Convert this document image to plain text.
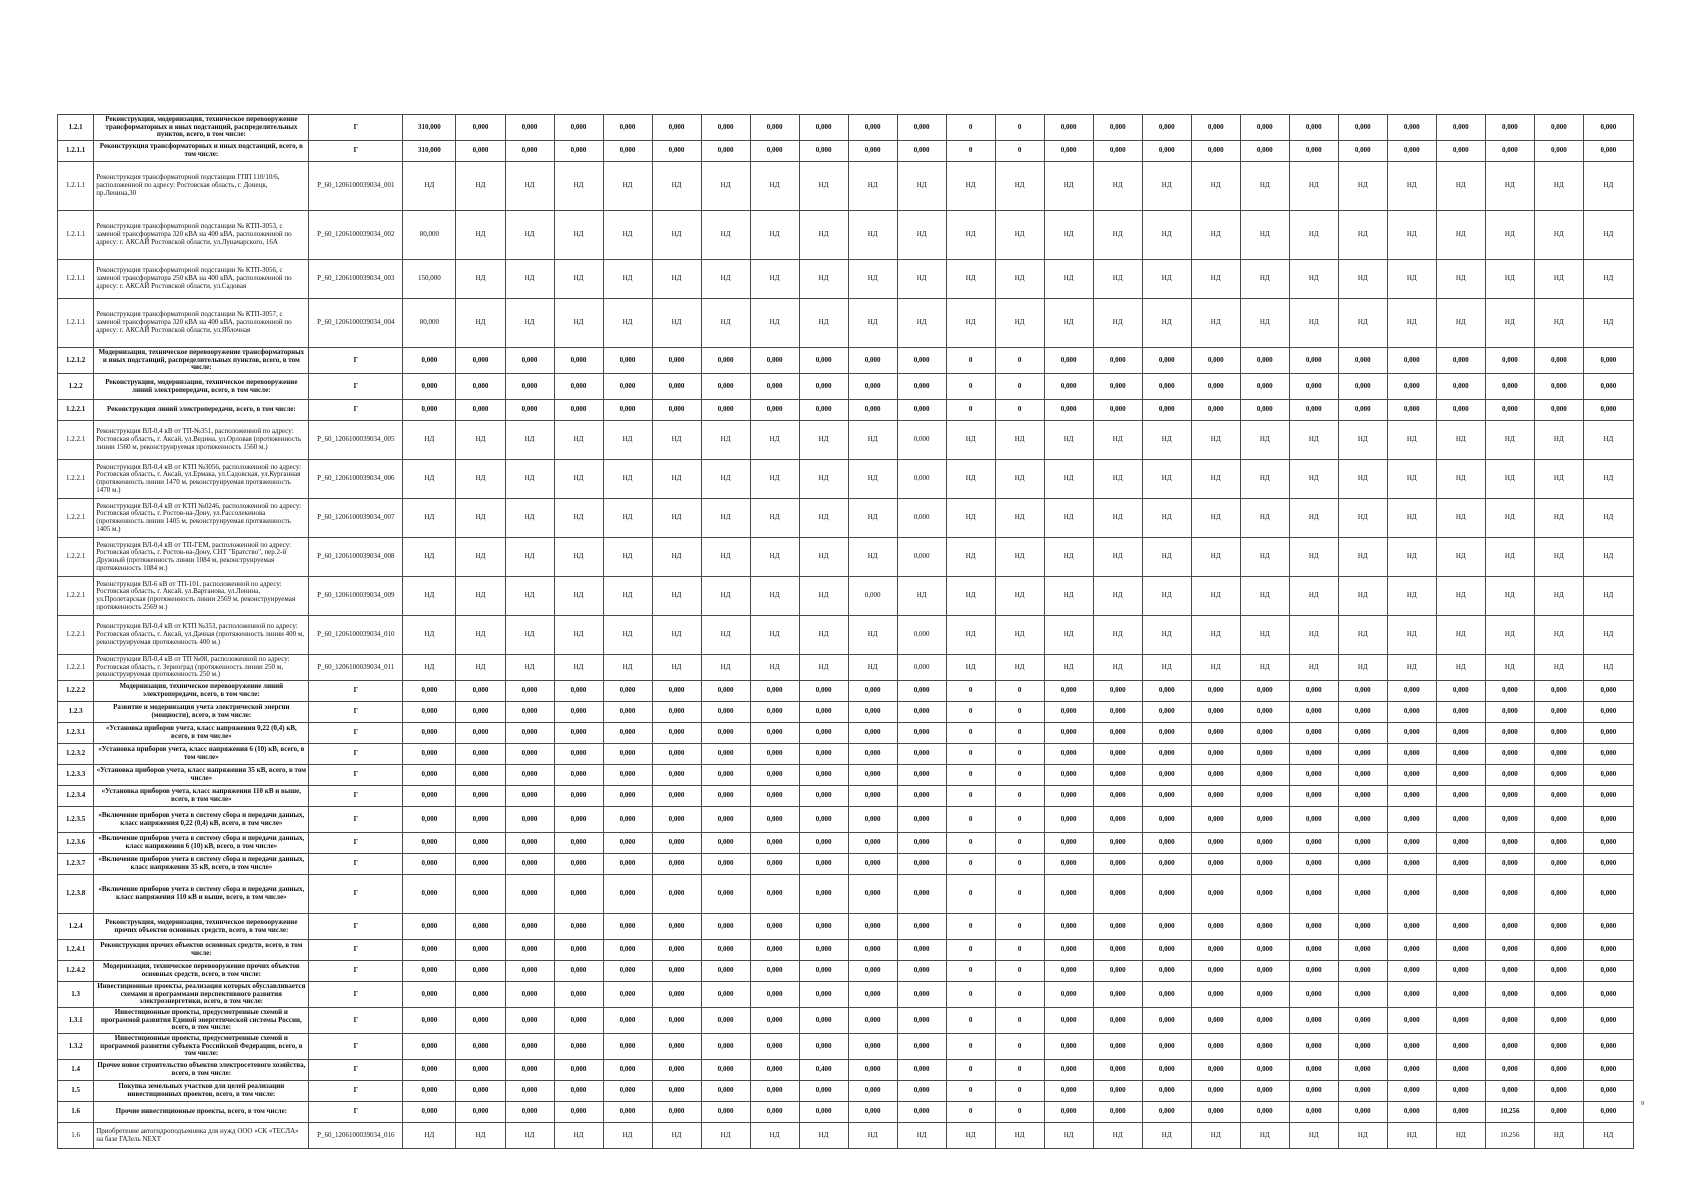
1.2.1	Реконструкция, модернизация, техническое перевооружение трансформаторных и иных подстанций, распределительных пунктов, всего, в том числе:	Г	310,000	0,000	0,000	0,000	0,000	0,000	0,000	0,000	0,000	0,000	0,000	0	0	0,000	0,000	0,000	0,000	0,000	0,000	0,000	0,000	0,000	0,000	0,000	0,000
1.2.1.1	Реконструкция трансформаторных и иных подстанций, всего, в том числе:	Г	310,000	0,000	0,000	0,000	0,000	0,000	0,000	0,000	0,000	0,000	0,000	0	0	0,000	0,000	0,000	0,000	0,000	0,000	0,000	0,000	0,000	0,000	0,000	0,000
1.2.1.1	Реконструкция трансформаторной подстанции ГПП 110/10/6, расположенной по адресу: Ростовская область, г. Донецк, пр.Ленина,30	P_60_1206100039034_001	НД	НД	НД	НД	НД	НД	НД	НД	НД	НД	НД	НД	НД	НД	НД	НД	НД	НД	НД	НД	НД	НД	НД	НД	НД
1.2.1.1	Реконструкция трансформаторной подстанции № КТП-3053, с заменой трансформатора 320 кВА на 400 кВА, расположенной по адресу: г. АКСАЙ Ростовской области, ул.Луначарского, 16А	P_60_1206100039034_002	80,000	НД	НД	НД	НД	НД	НД	НД	НД	НД	НД	НД	НД	НД	НД	НД	НД	НД	НД	НД	НД	НД	НД	НД	НД
1.2.1.1	Реконструкция трансформаторной подстанции № КТП-3056, с заменой трансформатора 250 кВА на 400 кВА, расположенной по адресу: г. АКСАЙ Ростовской области, ул.Садовая	P_60_1206100039034_003	150,000	НД	НД	НД	НД	НД	НД	НД	НД	НД	НД	НД	НД	НД	НД	НД	НД	НД	НД	НД	НД	НД	НД	НД	НД
1.2.1.1	Реконструкция трансформаторной подстанции № КТП-3057, с заменой трансформатора 320 кВА на 400 кВА, расположенной по адресу: г. АКСАЙ Ростовской области, ул.Яблочная	P_60_1206100039034_004	80,000	НД	НД	НД	НД	НД	НД	НД	НД	НД	НД	НД	НД	НД	НД	НД	НД	НД	НД	НД	НД	НД	НД	НД	НД
1.2.1.2	Модернизация, техническое перевооружение трансформаторных и иных подстанций, распределительных пунктов, всего, в том числе:	Г	0,000	0,000	0,000	0,000	0,000	0,000	0,000	0,000	0,000	0,000	0,000	0	0	0,000	0,000	0,000	0,000	0,000	0,000	0,000	0,000	0,000	0,000	0,000	0,000
1.2.2	Реконструкция, модернизация, техническое перевооружение линий электропередачи, всего, в том числе:	Г	0,000	0,000	0,000	0,000	0,000	0,000	0,000	0,000	0,000	0,000	0,000	0	0	0,000	0,000	0,000	0,000	0,000	0,000	0,000	0,000	0,000	0,000	0,000	0,000
1.2.2.1	Реконструкция линий электропередачи, всего, в том числе:	Г	0,000	0,000	0,000	0,000	0,000	0,000	0,000	0,000	0,000	0,000	0,000	0	0	0,000	0,000	0,000	0,000	0,000	0,000	0,000	0,000	0,000	0,000	0,000	0,000
1.2.2.1	Реконструкция ВЛ-0,4 кВ от ТП-№351, расположенной по адресу: Ростовская область, г. Аксай, ул.Ведина, ул.Орловая (протяженность линии 1560 м, реконструируемая протяженность 1560 м.)	P_60_1206100039034_005	НД	НД	НД	НД	НД	НД	НД	НД	НД	НД	0,000	НД	НД	НД	НД	НД	НД	НД	НД	НД	НД	НД	НД	НД	НД
1.2.2.1	Реконструкция ВЛ-0,4 кВ от КТП №3056, расположенной по адресу: Ростовская область, г. Аксай, ул.Ермака, ул.Садовская, ул.Курганная (протяженность линии 1470 м, реконструируемая протяженность 1470 м.)	P_60_1206100039034_006	НД	НД	НД	НД	НД	НД	НД	НД	НД	НД	0,000	НД	НД	НД	НД	НД	НД	НД	НД	НД	НД	НД	НД	НД	НД
1.2.2.1	Реконструкция ВЛ-0,4 кВ от КТП №0246, расположенной по адресу: Ростовская область, г. Ростов-на-Дону, ул.Рассолекинова (протяженность линии 1405 м, реконструируемая протяженность 1405 м.)	P_60_1206100039034_007	НД	НД	НД	НД	НД	НД	НД	НД	НД	НД	0,000	НД	НД	НД	НД	НД	НД	НД	НД	НД	НД	НД	НД	НД	НД
1.2.2.1	Реконструкция ВЛ-0,4 кВ от ТП-ГЕМ, расположенной по адресу: Ростовская область, г. Ростов-на-Дону, СНТ "Братство", пер.2-й Дружный (протяженность линии 1084 м, реконструируемая протяженность 1084 м.)	P_60_1206100039034_008	НД	НД	НД	НД	НД	НД	НД	НД	НД	НД	0,000	НД	НД	НД	НД	НД	НД	НД	НД	НД	НД	НД	НД	НД	НД
1.2.2.1	Реконструкция ВЛ-6 кВ от ТП-101, расположенной по адресу: Ростовская область, г. Аксай, ул.Вартанова, ул.Ленина, ул.Пролетарская (протяженность линии 2569 м, реконструируемая протяженность 2569 м.)	P_60_1206100039034_009	НД	НД	НД	НД	НД	НД	НД	НД	НД	0,000	НД	НД	НД	НД	НД	НД	НД	НД	НД	НД	НД	НД	НД	НД	НД
1.2.2.1	Реконструкция ВЛ-0,4 кВ от КТП №353, расположенной по адресу: Ростовская область, г. Аксай, ул.Дачная (протяженность линии 400 м, реконструируемая протяженность 400 м.)	P_60_1206100039034_010	НД	НД	НД	НД	НД	НД	НД	НД	НД	НД	0,000	НД	НД	НД	НД	НД	НД	НД	НД	НД	НД	НД	НД	НД	НД
1.2.2.1	Реконструкция ВЛ-0,4 кВ от ТП №08, расположенной по адресу: Ростовская область, г. Зерноград (протяженность линии 250 м, реконструируемая протяженность 250 м.)	P_60_1206100039034_011	НД	НД	НД	НД	НД	НД	НД	НД	НД	НД	0,000	НД	НД	НД	НД	НД	НД	НД	НД	НД	НД	НД	НД	НД	НД
1.2.2.2	Модернизация, техническое перевооружение линий электропередачи, всего, в том числе:	Г	0,000	0,000	0,000	0,000	0,000	0,000	0,000	0,000	0,000	0,000	0,000	0	0	0,000	0,000	0,000	0,000	0,000	0,000	0,000	0,000	0,000	0,000	0,000	0,000
1.2.3	Развитие и модернизация учета электрической энергии (мощности), всего, в том числе:	Г	0,000	0,000	0,000	0,000	0,000	0,000	0,000	0,000	0,000	0,000	0,000	0	0	0,000	0,000	0,000	0,000	0,000	0,000	0,000	0,000	0,000	0,000	0,000	0,000
1.2.3.1	«Установка приборов учета, класс напряжения 0,22 (0,4) кВ, всего, в том числе»	Г	0,000	0,000	0,000	0,000	0,000	0,000	0,000	0,000	0,000	0,000	0,000	0	0	0,000	0,000	0,000	0,000	0,000	0,000	0,000	0,000	0,000	0,000	0,000	0,000
1.2.3.2	«Установка приборов учета, класс напряжения 6 (10) кВ, всего, в том числе»	Г	0,000	0,000	0,000	0,000	0,000	0,000	0,000	0,000	0,000	0,000	0,000	0	0	0,000	0,000	0,000	0,000	0,000	0,000	0,000	0,000	0,000	0,000	0,000	0,000
1.2.3.3	«Установка приборов учета, класс напряжения 35 кВ, всего, в том числе»	Г	0,000	0,000	0,000	0,000	0,000	0,000	0,000	0,000	0,000	0,000	0,000	0	0	0,000	0,000	0,000	0,000	0,000	0,000	0,000	0,000	0,000	0,000	0,000	0,000
1.2.3.4	«Установка приборов учета, класс напряжения 110 кВ и выше, всего, в том числе»	Г	0,000	0,000	0,000	0,000	0,000	0,000	0,000	0,000	0,000	0,000	0,000	0	0	0,000	0,000	0,000	0,000	0,000	0,000	0,000	0,000	0,000	0,000	0,000	0,000
1.2.3.5	«Включение приборов учета в систему сбора и передачи данных, класс напряжения 0,22 (0,4) кВ, всего, в том числе»	Г	0,000	0,000	0,000	0,000	0,000	0,000	0,000	0,000	0,000	0,000	0,000	0	0	0,000	0,000	0,000	0,000	0,000	0,000	0,000	0,000	0,000	0,000	0,000	0,000
1.2.3.6	«Включение приборов учета в систему сбора и передачи данных, класс напряжения 6 (10) кВ, всего, в том числе»	Г	0,000	0,000	0,000	0,000	0,000	0,000	0,000	0,000	0,000	0,000	0,000	0	0	0,000	0,000	0,000	0,000	0,000	0,000	0,000	0,000	0,000	0,000	0,000	0,000
1.2.3.7	«Включение приборов учета в систему сбора и передачи данных, класс напряжения 35 кВ, всего, в том числе»	Г	0,000	0,000	0,000	0,000	0,000	0,000	0,000	0,000	0,000	0,000	0,000	0	0	0,000	0,000	0,000	0,000	0,000	0,000	0,000	0,000	0,000	0,000	0,000	0,000
1.2.3.8	«Включение приборов учета в систему сбора и передачи данных, класс напряжения 110 кВ и выше, всего, в том числе»	Г	0,000	0,000	0,000	0,000	0,000	0,000	0,000	0,000	0,000	0,000	0,000	0	0	0,000	0,000	0,000	0,000	0,000	0,000	0,000	0,000	0,000	0,000	0,000	0,000
1.2.4	Реконструкция, модернизация, техническое перевооружение прочих объектов основных средств, всего, в том числе:	Г	0,000	0,000	0,000	0,000	0,000	0,000	0,000	0,000	0,000	0,000	0,000	0	0	0,000	0,000	0,000	0,000	0,000	0,000	0,000	0,000	0,000	0,000	0,000	0,000
1.2.4.1	Реконструкция прочих объектов основных средств, всего, в том числе:	Г	0,000	0,000	0,000	0,000	0,000	0,000	0,000	0,000	0,000	0,000	0,000	0	0	0,000	0,000	0,000	0,000	0,000	0,000	0,000	0,000	0,000	0,000	0,000	0,000
1.2.4.2	Модернизация, техническое перевооружение прочих объектов основных средств, всего, в том числе:	Г	0,000	0,000	0,000	0,000	0,000	0,000	0,000	0,000	0,000	0,000	0,000	0	0	0,000	0,000	0,000	0,000	0,000	0,000	0,000	0,000	0,000	0,000	0,000	0,000
1.3	Инвестиционные проекты, реализация которых обуславливается схемами и программами перспективного развития электроэнергетики, всего, в том числе:	Г	0,000	0,000	0,000	0,000	0,000	0,000	0,000	0,000	0,000	0,000	0,000	0	0	0,000	0,000	0,000	0,000	0,000	0,000	0,000	0,000	0,000	0,000	0,000	0,000
1.3.1	Инвестиционные проекты, предусмотренные схемой и программой развития Единой энергетической системы России, всего, в том числе:	Г	0,000	0,000	0,000	0,000	0,000	0,000	0,000	0,000	0,000	0,000	0,000	0	0	0,000	0,000	0,000	0,000	0,000	0,000	0,000	0,000	0,000	0,000	0,000	0,000
1.3.2	Инвестиционные проекты, предусмотренные схемой и программой развития субъекта Российской Федерации, всего, в том числе:	Г	0,000	0,000	0,000	0,000	0,000	0,000	0,000	0,000	0,000	0,000	0,000	0	0	0,000	0,000	0,000	0,000	0,000	0,000	0,000	0,000	0,000	0,000	0,000	0,000
1.4	Прочее новое строительство объектов электросетевого хозяйства, всего, в том числе:	Г	0,000	0,000	0,000	0,000	0,000	0,000	0,000	0,000	0,400	0,000	0,000	0	0	0,000	0,000	0,000	0,000	0,000	0,000	0,000	0,000	0,000	0,000	0,000	0,000
1.5	Покупка земельных участков для целей реализации инвестиционных проектов, всего, в том числе:	Г	0,000	0,000	0,000	0,000	0,000	0,000	0,000	0,000	0,000	0,000	0,000	0	0	0,000	0,000	0,000	0,000	0,000	0,000	0,000	0,000	0,000	0,000	0,000	0,000
1.6	Прочие инвестиционные проекты, всего, в том числе:	Г	0,000	0,000	0,000	0,000	0,000	0,000	0,000	0,000	0,000	0,000	0,000	0	0	0,000	0,000	0,000	0,000	0,000	0,000	0,000	0,000	0,000	10,256	0,000	0,000
1.6	Приобретение автогидроподъемника для нужд ООО «СК «ТЕСЛА» на базе ГАЗель NEXT	P_60_1206100039034_016	НД	НД	НД	НД	НД	НД	НД	НД	НД	НД	НД	НД	НД	НД	НД	НД	НД	НД	НД	НД	НД	НД	10,256	НД	НД
9
